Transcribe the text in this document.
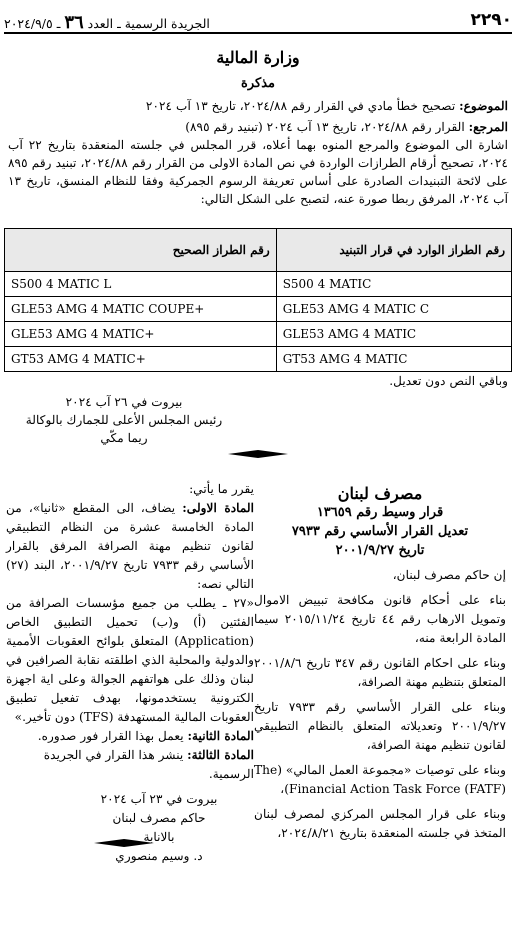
٢٢٩٠
الجريدة الرسمية ـ العدد ٣٦ ـ ٢٠٢٤/٩/٥
وزارة المالية
مذكرة
الموضوع: تصحيح خطأ مادي في القرار رقم ٢٠٢٤/٨٨، تاريخ ١٣ آب ٢٠٢٤
المرجع: القرار رقم ٢٠٢٤/٨٨، تاريخ ١٣ آب ٢٠٢٤ (تبنيد رقم ٨٩٥)
اشارة الى الموضوع والمرجع المنوه بهما أعلاه، قرر المجلس في جلسته المنعقدة بتاريخ ٢٢ آب ٢٠٢٤، تصحيح أرقام الطرازات الواردة في نص المادة الاولى من القرار رقم ٢٠٢٤/٨٨، تبنيد رقم ٨٩٥ على لائحة التبنيدات الصادرة على أساس تعريفة الرسوم الجمركية وفقا للنظام المنسق، تاريخ ١٣ آب ٢٠٢٤، المرفق ربطا صورة عنه، لتصبح على الشكل التالي:
رقم الطراز الوارد في قرار التبنيد	رقم الطراز الصحيح
S500 4 MATIC	S500 4 MATIC L
GLE53 AMG 4 MATIC C	GLE53 AMG 4 MATIC COUPE+
GLE53 AMG 4 MATIC	GLE53 AMG 4 MATIC+
GT53 AMG 4 MATIC	GT53 AMG 4 MATIC+
وباقي النص دون تعديل.
بيروت في ٢٦ آب ٢٠٢٤
رئيس المجلس الأعلى للجمارك بالوكالة
ريما مكّي

مصرف لبنان

قرار وسيط رقم ١٣٦٥٩

تعديل القرار الأساسي رقم ٧٩٣٣

تاريخ ٢٠٠١/٩/٢٧

إن حاكم مصرف لبنان،

بناء على أحكام قانون مكافحة تبييض الاموال وتمويل الارهاب رقم ٤٤ تاريخ ٢٠١٥/١١/٢٤ سيما المادة الرابعة منه،

وبناء على احكام القانون رقم ٣٤٧ تاريخ ٢٠٠١/٨/٦ المتعلق بتنظيم مهنة الصرافة،

وبناء على القرار الأساسي رقم ٧٩٣٣ تاريخ ٢٠٠١/٩/٢٧ وتعديلاته المتعلق بالنظام التطبيقي لقانون تنظيم مهنة الصرافة،

وبناء على توصيات «مجموعة العمل المالي» (The Financial Action Task Force (FATF))،

وبناء على قرار المجلس المركزي لمصرف لبنان المتخذ في جلسته المنعقدة بتاريخ ٢٠٢٤/٨/٢١،

يقرر ما يأتي:

المادة الاولى: يضاف، الى المقطع «ثانيا»، من المادة الخامسة عشرة من النظام التطبيقي لقانون تنظيم مهنة الصرافة المرفق بالقرار الأساسي رقم ٧٩٣٣ تاريخ ٢٠٠١/٩/٢٧، البند (٢٧) التالي نصه:

«٢٧ ـ يطلب من جميع مؤسسات الصرافة من الفئتين (أ) و(ب) تحميل التطبيق الخاص (Application) المتعلق بلوائح العقوبات الأممية والدولية والمحلية الذي اطلقته نقابة الصرافين في لبنان وذلك على هواتفهم الجوالة وعلى اية اجهزة الكترونية يستخدمونها، بهدف تفعيل تطبيق العقوبات المالية المستهدفة (TFS) دون تأخير.»

المادة الثانية: يعمل بهذا القرار فور صدوره.

المادة الثالثة: ينشر هذا القرار في الجريدة الرسمية.

بيروت في ٢٣ آب ٢٠٢٤
حاكم مصرف لبنان
بالانابة
د. وسيم منصوري
